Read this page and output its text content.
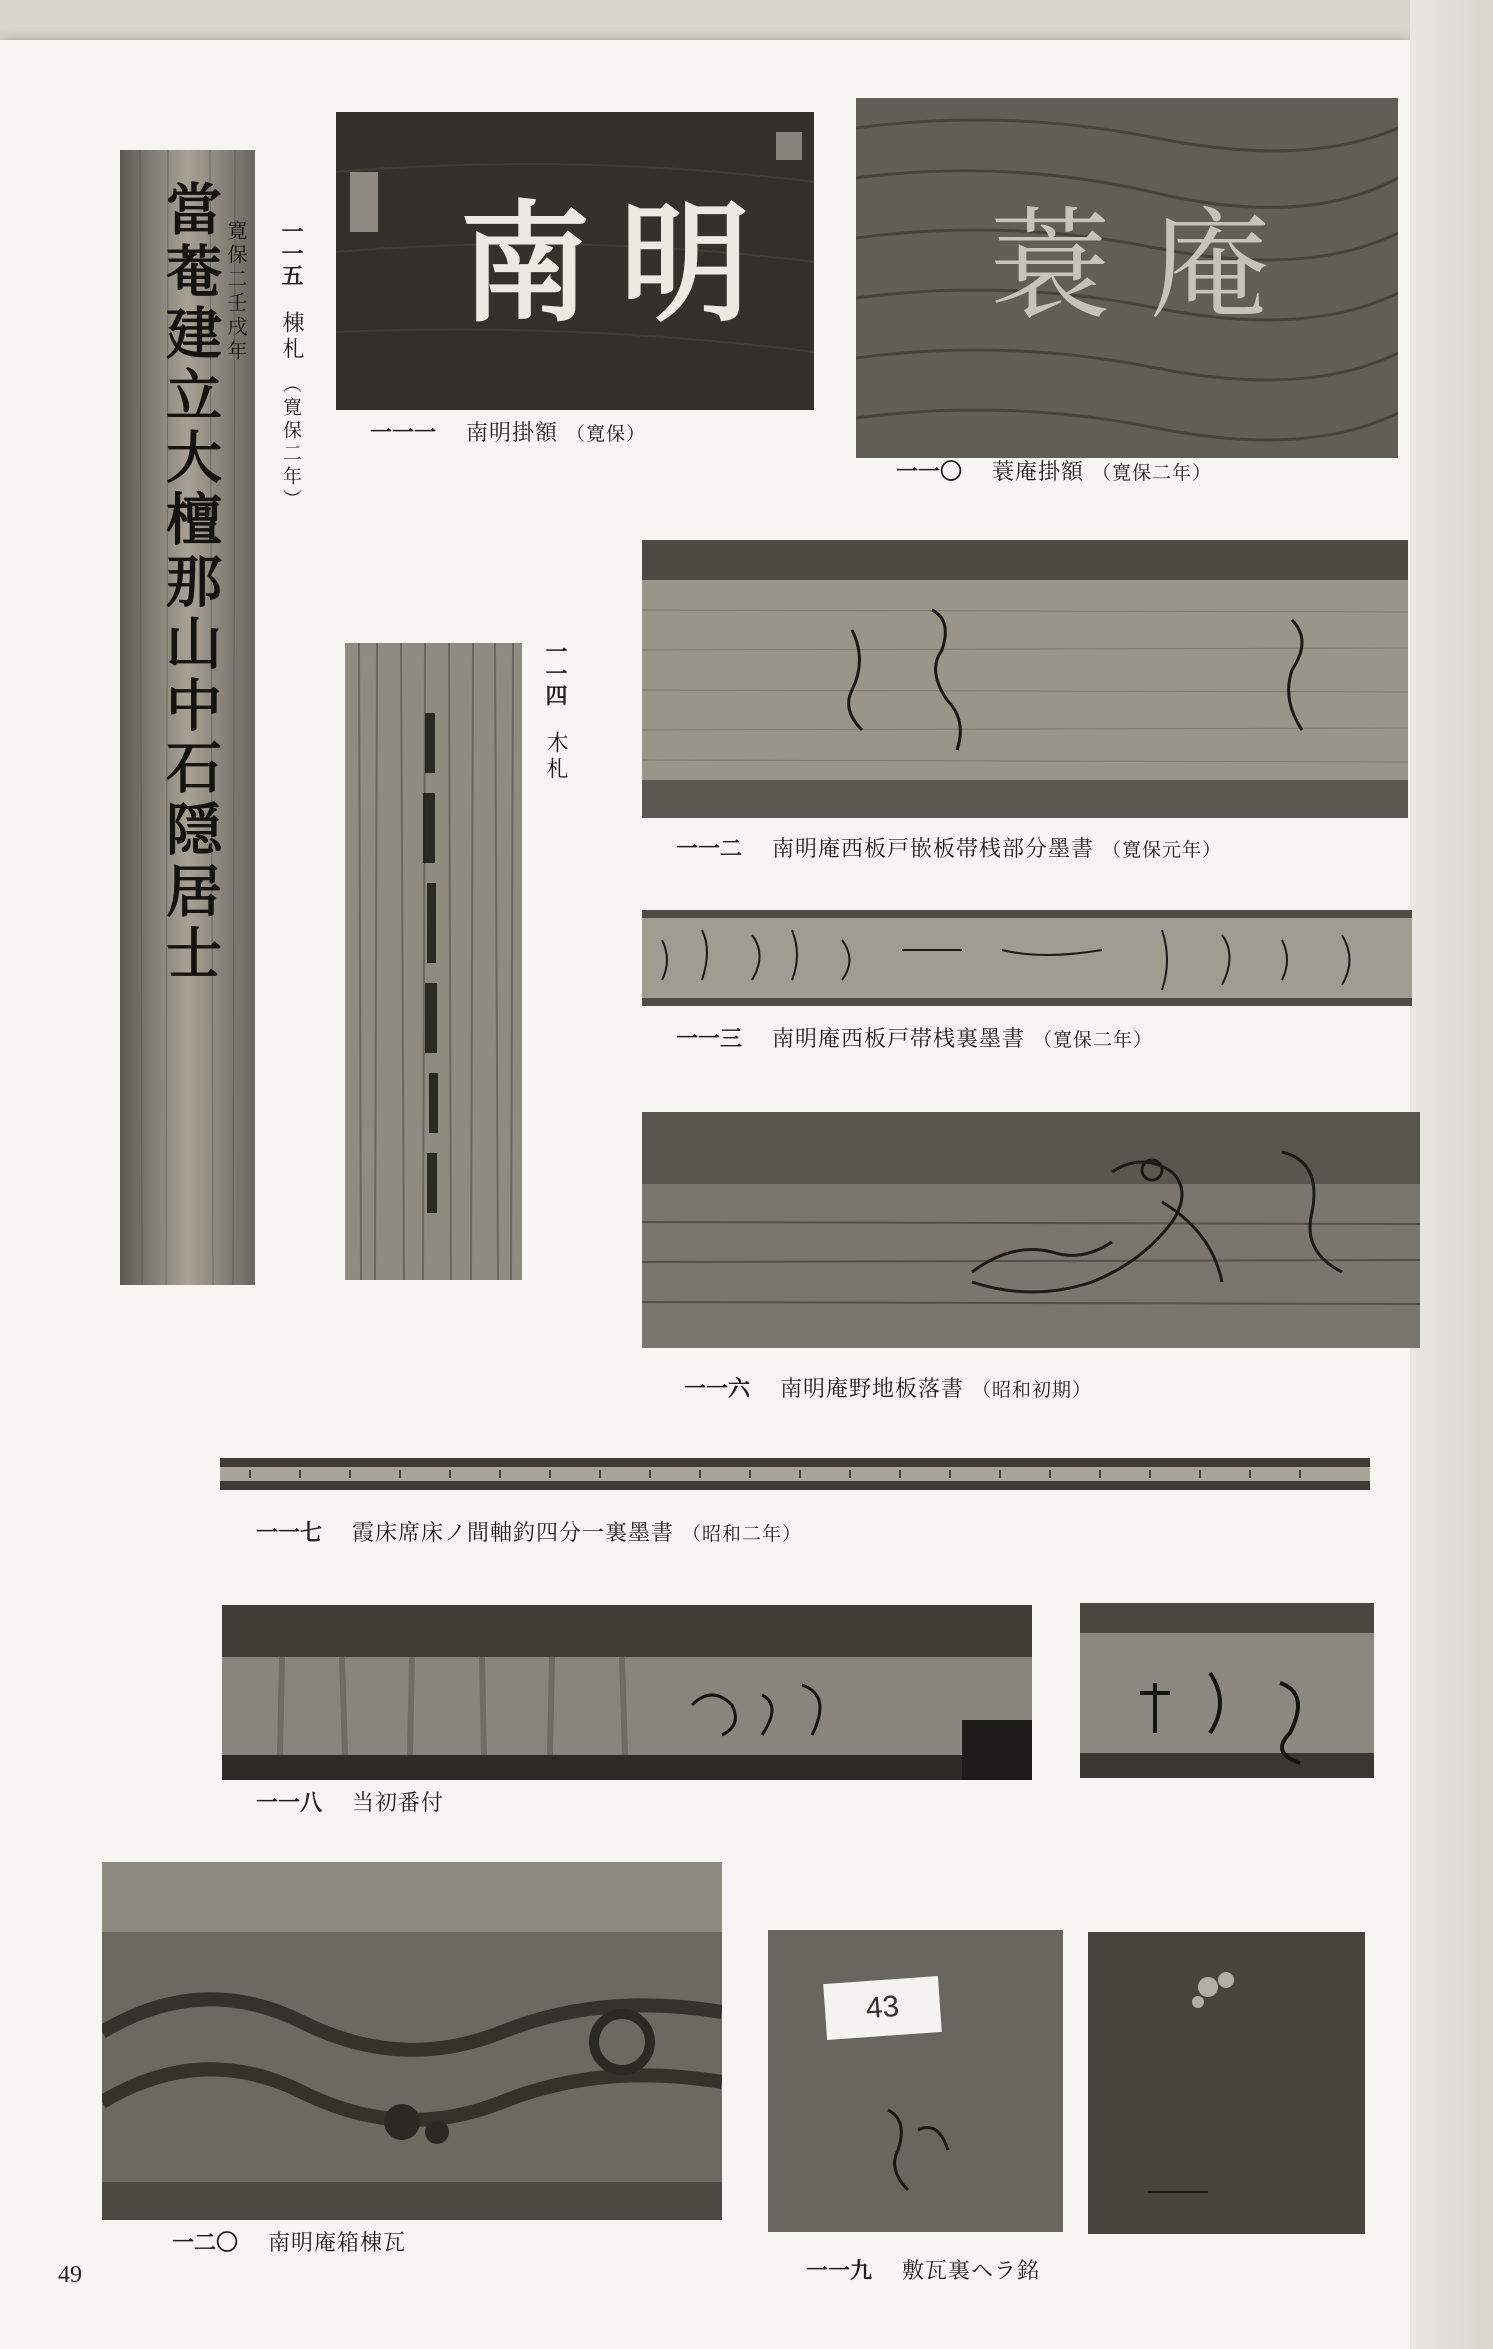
當菴建立大檀那山中石隠居士 寛保二壬戌年 一一五 棟札 （寛保二年）
南明
一一一 南明掛額 （寛保）
蓑庵
一一〇 蓑庵掛額 （寛保二年）
一一四 木札
一一二 南明庵西板戸嵌板帯桟部分墨書 （寛保元年）
一一三 南明庵西板戸帯桟裏墨書 （寛保二年）
一一六 南明庵野地板落書 （昭和初期）
一一七 霞床席床ノ間軸釣四分一裏墨書 （昭和二年）
一一八 当初番付
一二〇 南明庵箱棟瓦
43
一一九 敷瓦裏ヘラ銘
49
